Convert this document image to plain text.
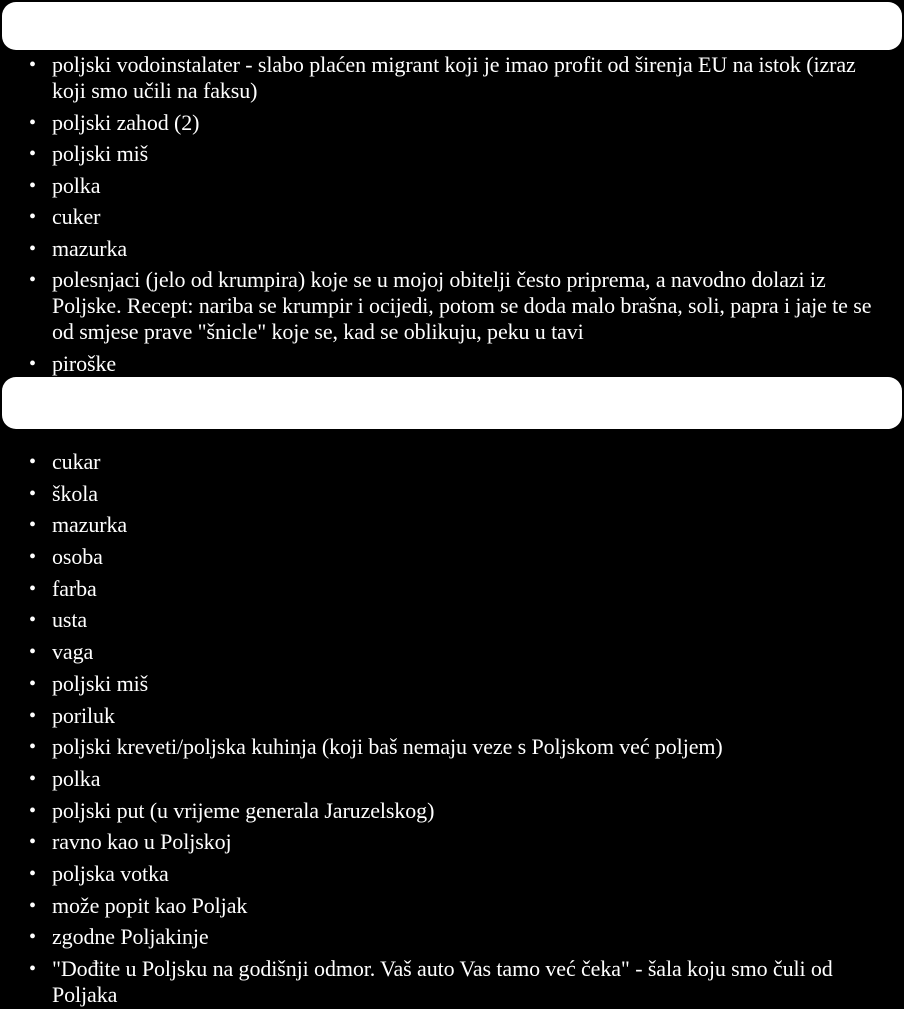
• poljski vodoinstalater - slabo plaćen migrant koji je imao profit od širenja EU na istok (izraz koji smo učili na faksu)
• poljski zahod (2)
• poljski miš
• polka
• cuker
• mazurka
• polesnjaci (jelo od krumpira) koje se u mojoj obitelji često priprema, a navodno dolazi iz Poljske. Recept: nariba se krumpir i ocijedi, potom se doda malo brašna, soli, papra i jaje te se od smjese prave "šnicle" koje se, kad se oblikuju, peku u tavi
• piroške
• cukar
• škola
• mazurka
• osoba
• farba
• usta
• vaga
• poljski miš
• poriluk
• poljski kreveti/poljska kuhinja (koji baš nemaju veze s Poljskom već poljem)
• polka
• poljski put (u vrijeme generala Jaruzelskog)
• ravno kao u Poljskoj
• poljska votka
• može popit kao Poljak
• zgodne Poljakinje
• "Dođite u Poljsku na godišnji odmor. Vaš auto Vas tamo već čeka" - šala koju smo čuli od Poljaka
